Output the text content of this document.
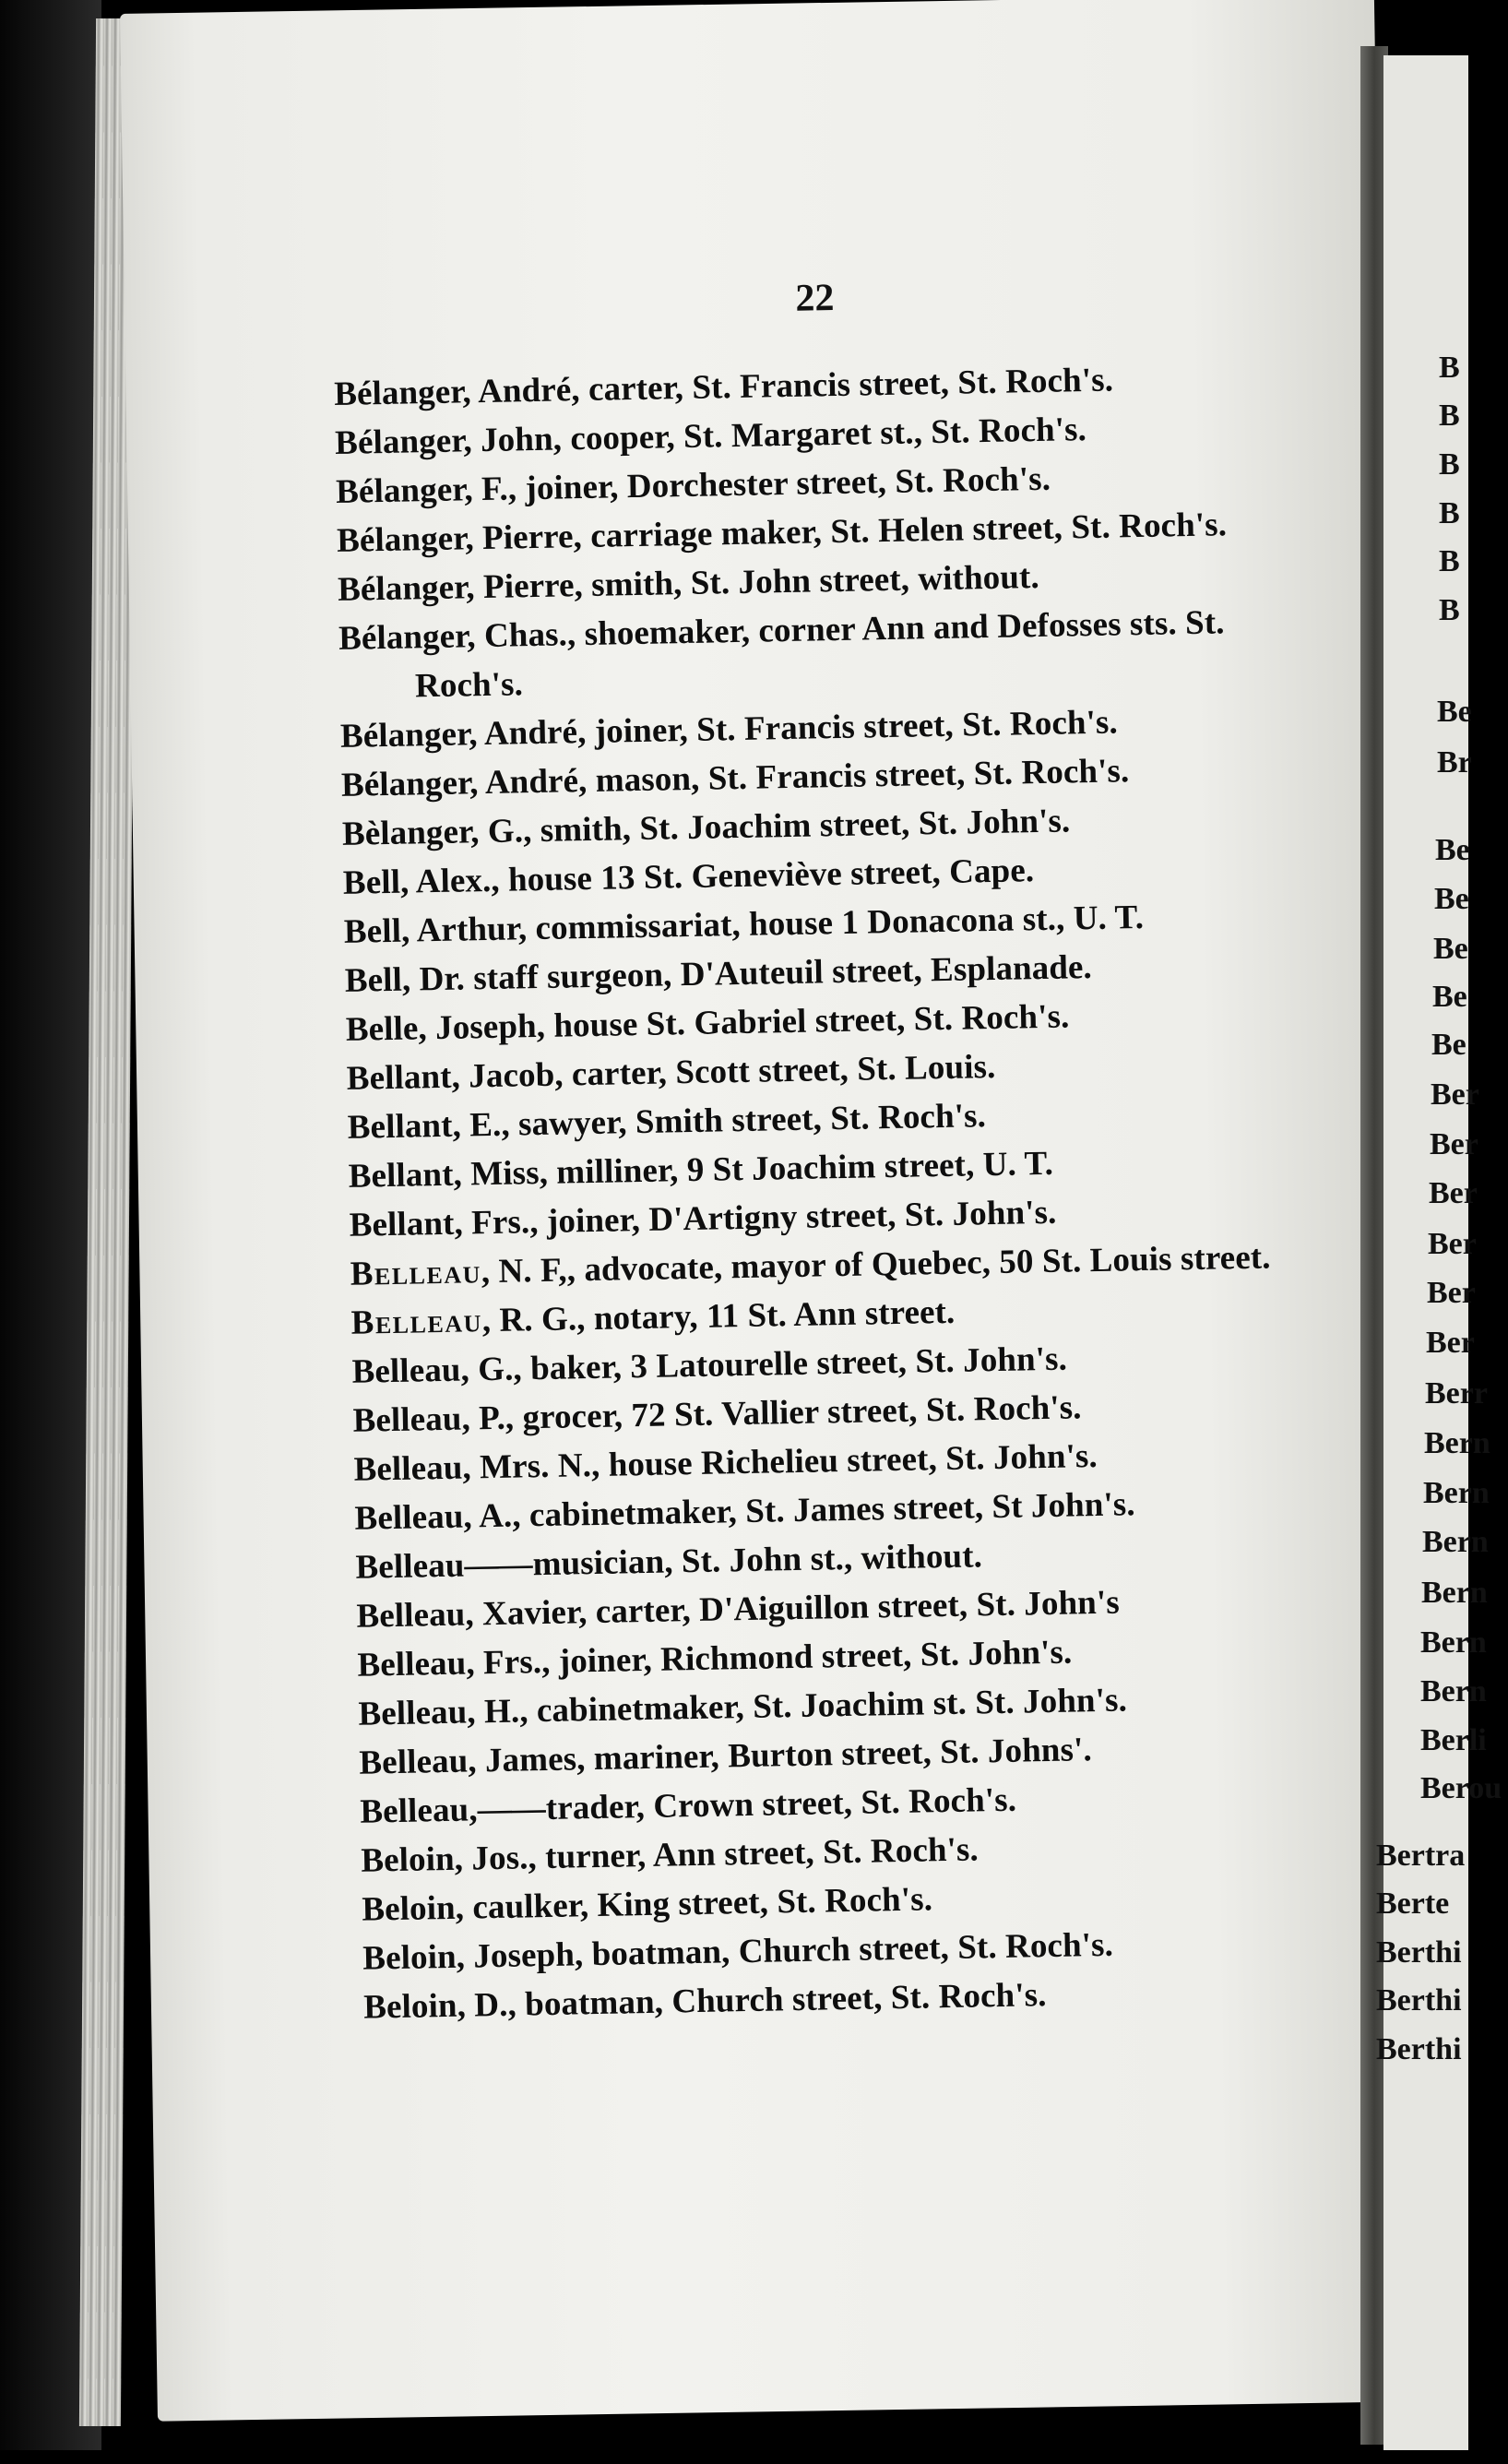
B
B
B
B
B
B
Be
Br
Be
Be
Be
Be
Be
Ber
Ber
Ber
Ber
Ber
Ber
Berr
Bern
Bern
Bern
Bern
Bern
Bern
Berli
Berou
Bertra
Berte
Berthi
Berthi
Berthi
22
Bélanger, André, carter, St. Francis street, St. Roch's.
Bélanger, John, cooper, St. Margaret st., St. Roch's.
Bélanger, F., joiner, Dorchester street, St. Roch's.
Bélanger, Pierre, carriage maker, St. Helen street, St. Roch's.
Bélanger, Pierre, smith, St. John street, without.
Bélanger, Chas., shoemaker, corner Ann and Defosses sts. St. Roch's.
Bélanger, André, joiner, St. Francis street, St. Roch's.
Bélanger, André, mason, St. Francis street, St. Roch's.
Bèlanger, G., smith, St. Joachim street, St. John's.
Bell, Alex., house 13 St. Geneviève street, Cape.
Bell, Arthur, commissariat, house 1 Donacona st., U. T.
Bell, Dr. staff surgeon, D'Auteuil street, Esplanade.
Belle, Joseph, house St. Gabriel street, St. Roch's.
Bellant, Jacob, carter, Scott street, St. Louis.
Bellant, E., sawyer, Smith street, St. Roch's.
Bellant, Miss, milliner, 9 St Joachim street, U. T.
Bellant, Frs., joiner, D'Artigny street, St. John's.
Belleau, N. F,, advocate, mayor of Quebec, 50 St. Louis street.
Belleau, R. G., notary, 11 St. Ann street.
Belleau, G., baker, 3 Latourelle street, St. John's.
Belleau, P., grocer, 72 St. Vallier street, St. Roch's.
Belleau, Mrs. N., house Richelieu street, St. John's.
Belleau, A., cabinetmaker, St. James street, St John's.
Belleau——musician, St. John st., without.
Belleau, Xavier, carter, D'Aiguillon street, St. John's
Belleau, Frs., joiner, Richmond street, St. John's.
Belleau, H., cabinetmaker, St. Joachim st. St. John's.
Belleau, James, mariner, Burton street, St. Johns'.
Belleau,——trader, Crown street, St. Roch's.
Beloin, Jos., turner, Ann street, St. Roch's.
Beloin, caulker, King street, St. Roch's.
Beloin, Joseph, boatman, Church street, St. Roch's.
Beloin, D., boatman, Church street, St. Roch's.
